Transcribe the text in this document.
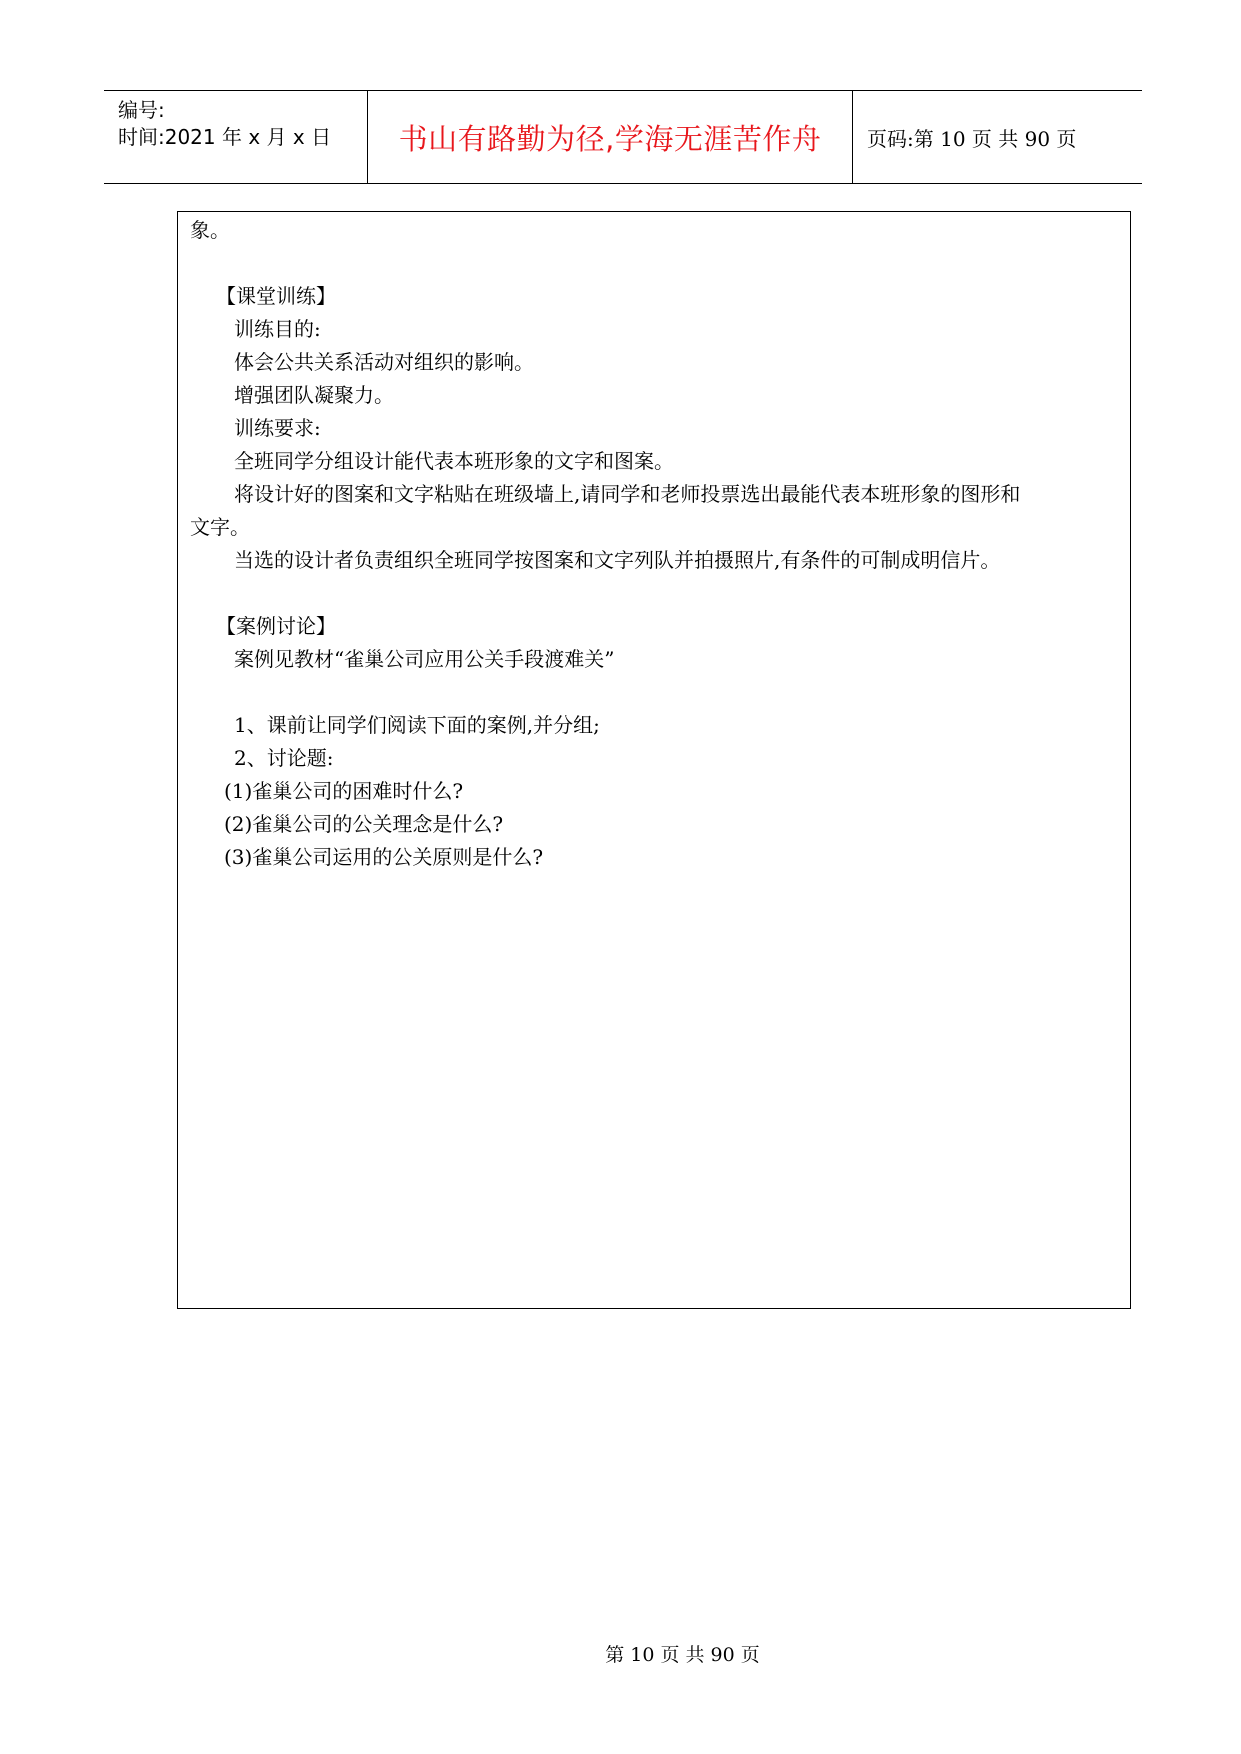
编号:
时间:2021 年 x 月 x 日	书山有路勤为径,学海无涯苦作舟	页码:第 10 页 共 90 页
象。
【课堂训练】
训练目的:
体会公共关系活动对组织的影响。
增强团队凝聚力。
训练要求:
全班同学分组设计能代表本班形象的文字和图案。
将设计好的图案和文字粘贴在班级墙上,请同学和老师投票选出最能代表本班形象的图形和
文字。
当选的设计者负责组织全班同学按图案和文字列队并拍摄照片,有条件的可制成明信片。
【案例讨论】
案例见教材“雀巢公司应用公关手段渡难关”
1、课前让同学们阅读下面的案例,并分组;
2、讨论题:
(1)雀巢公司的困难时什么?
(2)雀巢公司的公关理念是什么?
(3)雀巢公司运用的公关原则是什么?
第 10 页 共 90 页
